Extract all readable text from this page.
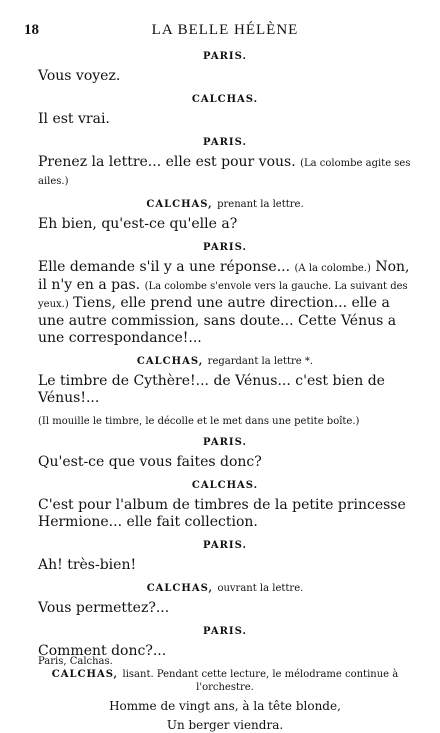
18	LA BELLE HÉLÈNE
PARIS.
Vous voyez.
CALCHAS.
Il est vrai.
PARIS.
Prenez la lettre... elle est pour vous. (La colombe agite ses ailes.)
CALCHAS, prenant la lettre.
Eh bien, qu'est-ce qu'elle a?
PARIS.
Elle demande s'il y a une réponse... (A la colombe.) Non, il n'y en a pas. (La colombe s'envole vers la gauche. La suivant des yeux.) Tiens, elle prend une autre direction... elle a une autre commission, sans doute... Cette Vénus a une correspondance!...
CALCHAS, regardant la lettre *.
Le timbre de Cythère!... de Vénus... c'est bien de Vénus!...
(Il mouille le timbre, le décolle et le met dans une petite boîte.)
PARIS.
Qu'est-ce que vous faites donc?
CALCHAS.
C'est pour l'album de timbres de la petite princesse Hermione... elle fait collection.
PARIS.
Ah! très-bien!
CALCHAS, ouvrant la lettre.
Vous permettez?...
PARIS.
Comment donc?...
CALCHAS, lisant. Pendant cette lecture, le mélodrame continue à l'orchestre.
Homme de vingt ans, à la tête blonde,
Un berger viendra.
Paris, Calchas.
